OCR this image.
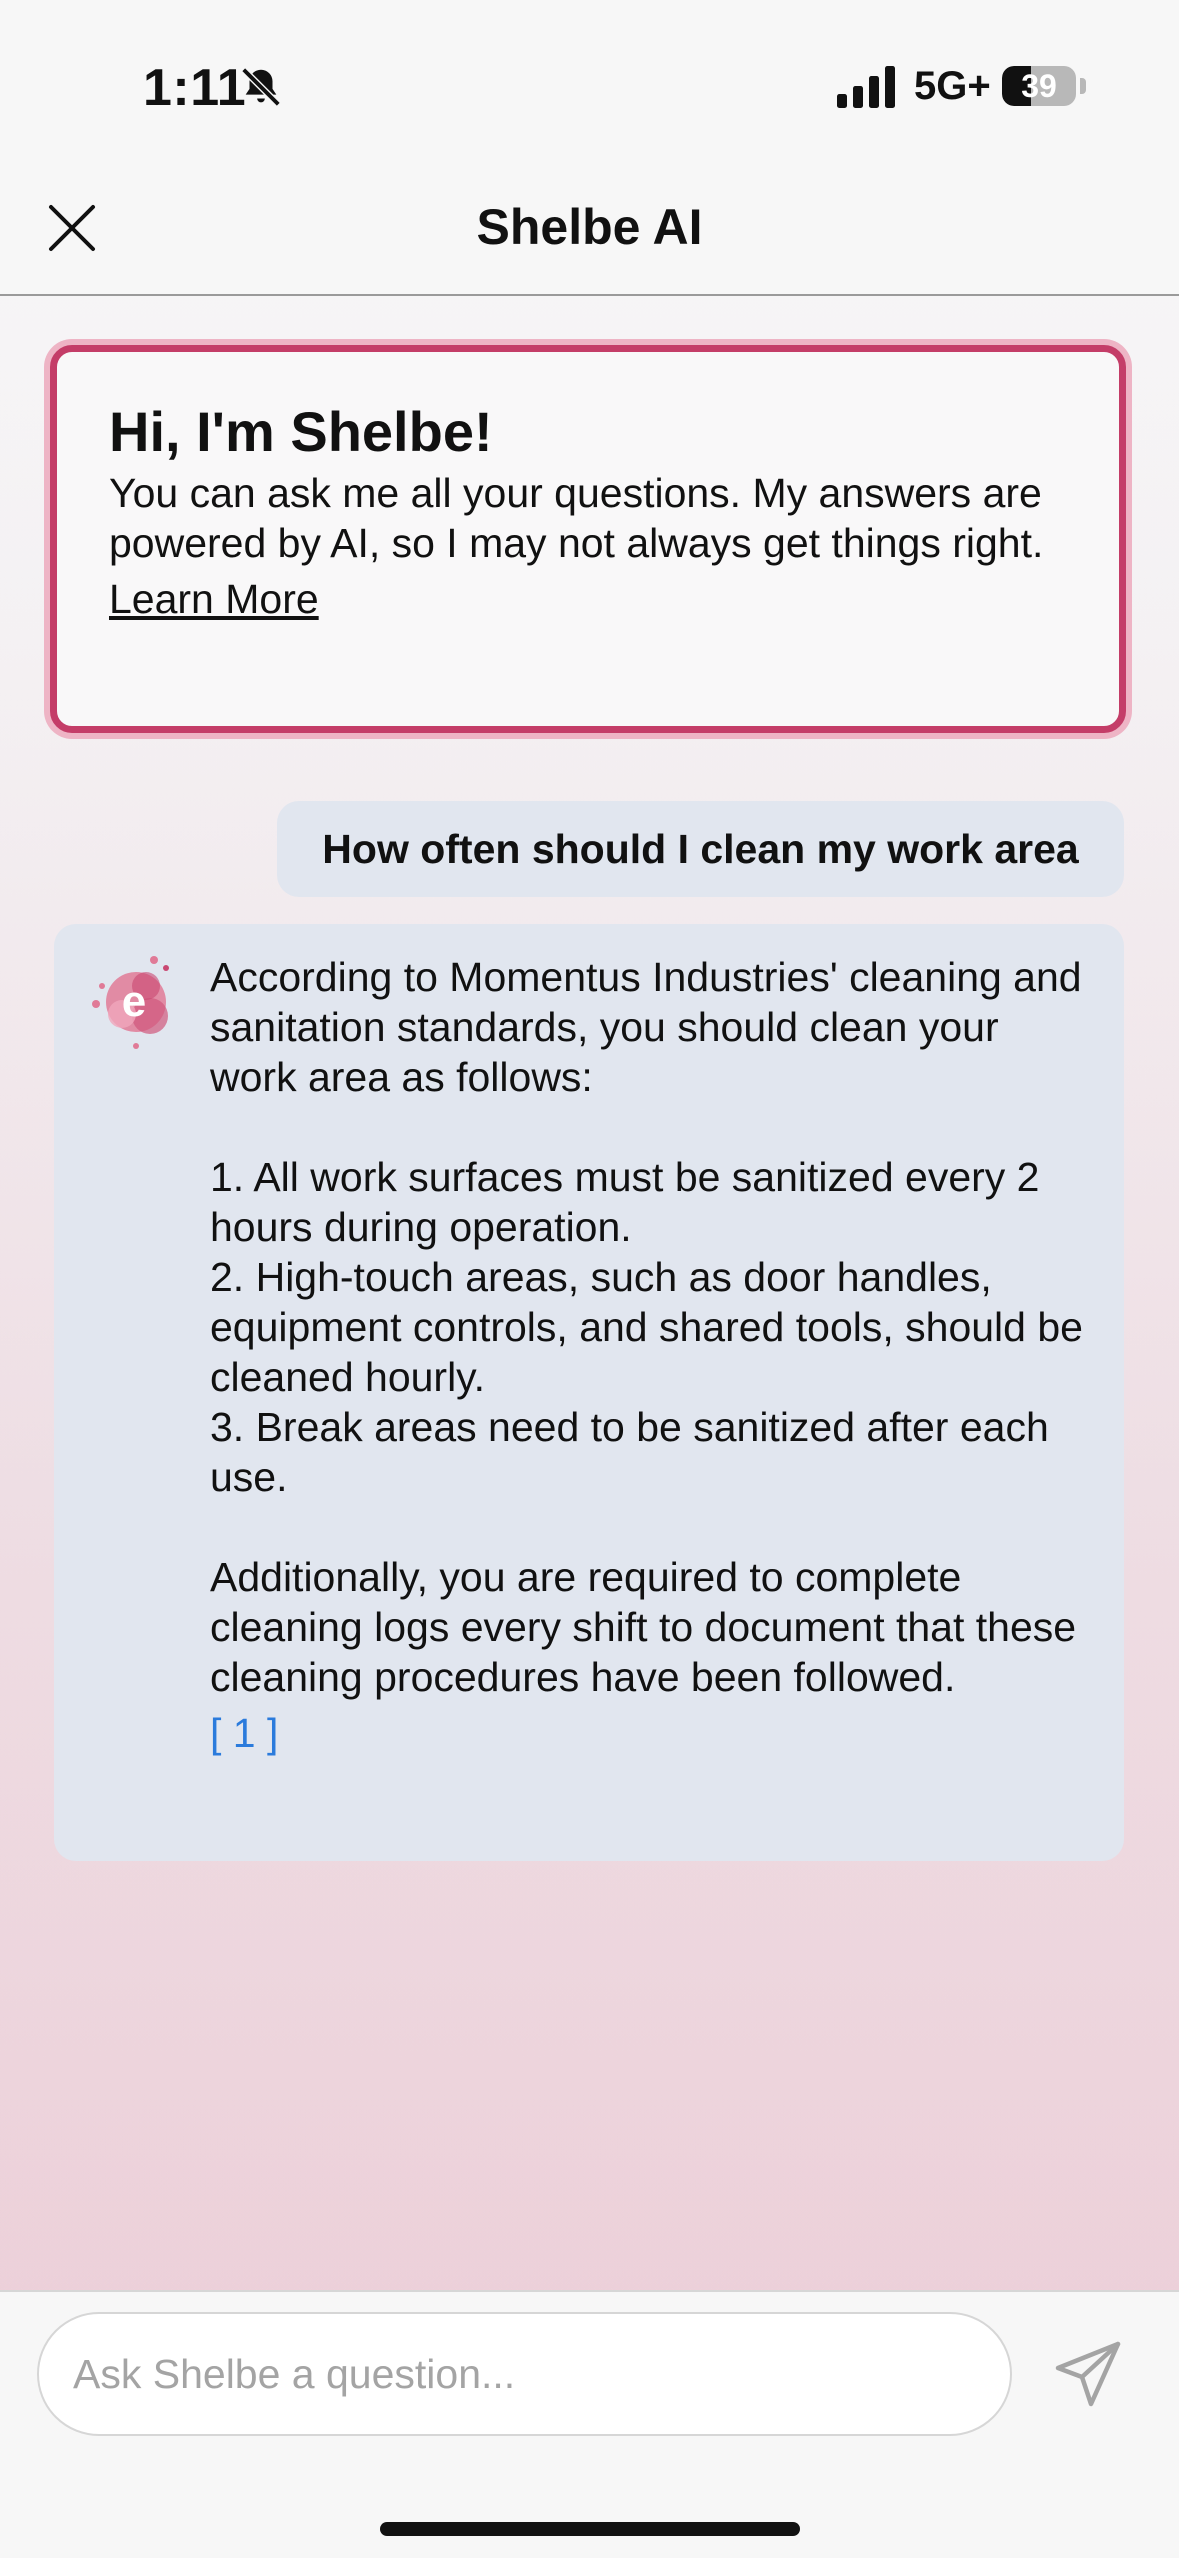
1:11	5G+ 39
Shelbe AI
Hi, I'm Shelbe!
You can ask me all your questions. My answers are powered by AI, so I may not always get things right.
Learn More
How often should I clean my work area
e According to Momentus Industries' cleaning and sanitation standards, you should clean your work area as follows:

1. All work surfaces must be sanitized every 2 hours during operation.

2. High-touch areas, such as door handles, equipment controls, and shared tools, should be cleaned hourly.

3. Break areas need to be sanitized after each use.

Additionally, you are required to complete cleaning logs every shift to document that these cleaning procedures have been followed.

[ 1 ]
Ask Shelbe a question...
